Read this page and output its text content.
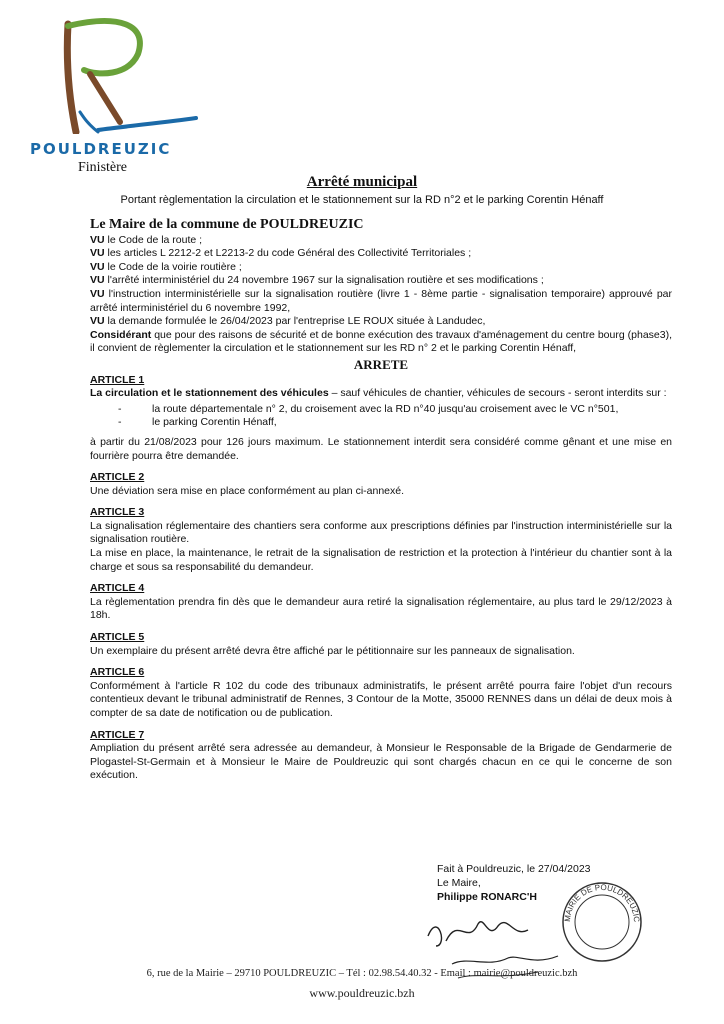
POULDREUZIC
Finistère
Arrêté municipal
Portant règlementation la circulation et le stationnement sur la RD n°2 et le parking Corentin Hénaff
Le Maire de la commune de POULDREUZIC

VU le Code de la route ;

VU les articles L 2212-2 et L2213-2 du code Général des Collectivité Territoriales ;

VU le Code de la voirie routière ;

VU l'arrêté interministériel du 24 novembre 1967 sur la signalisation routière et ses modifications ;

VU l'instruction interministérielle sur la signalisation routière (livre 1 - 8ème partie - signalisation temporaire) approuvé par arrêté interministériel du 6 novembre 1992,

VU la demande formulée le 26/04/2023 par l'entreprise LE ROUX située à Landudec,

Considérant que pour des raisons de sécurité et de bonne exécution des travaux d'aménagement du centre bourg (phase3), il convient de règlementer la circulation et le stationnement sur les RD n° 2 et le parking Corentin Hénaff,

ARRETE
ARTICLE 1

La circulation et le stationnement des véhicules – sauf véhicules de chantier, véhicules de secours - seront interdits sur :

- la route départementale n° 2, du croisement avec la RD n°40 jusqu'au croisement avec le VC n°501,
- le parking Corentin Hénaff,

à partir du 21/08/2023 pour 126 jours maximum. Le stationnement interdit sera considéré comme gênant et une mise en fourrière pourra être demandée.

ARTICLE 2

Une déviation sera mise en place conformément au plan ci-annexé.

ARTICLE 3

La signalisation réglementaire des chantiers sera conforme aux prescriptions définies par l'instruction interministérielle sur la signalisation routière.

La mise en place, la maintenance, le retrait de la signalisation de restriction et la protection à l'intérieur du chantier sont à la charge et sous sa responsabilité du demandeur.

ARTICLE 4

La règlementation prendra fin dès que le demandeur aura retiré la signalisation réglementaire, au plus tard le 29/12/2023 à 18h.

ARTICLE 5

Un exemplaire du présent arrêté devra être affiché par le pétitionnaire sur les panneaux de signalisation.

ARTICLE 6

Conformément à l'article R 102 du code des tribunaux administratifs, le présent arrêté pourra faire l'objet d'un recours contentieux devant le tribunal administratif de Rennes, 3 Contour de la Motte, 35000 RENNES dans un délai de deux mois à compter de sa date de notification ou de publication.

ARTICLE 7

Ampliation du présent arrêté sera adressée au demandeur, à Monsieur le Responsable de la Brigade de Gendarmerie de Plogastel-St-Germain et à Monsieur le Maire de Pouldreuzic qui sont chargés chacun en ce qui le concerne de son exécution.

Fait à Pouldreuzic, le 27/04/2023
Le Maire,
Philippe RONARC'H
MAIRIE DE POULDREUZIC
6, rue de la Mairie – 29710 POULDREUZIC – Tél : 02.98.54.40.32 - Email : mairie@pouldreuzic.bzh
www.pouldreuzic.bzh
